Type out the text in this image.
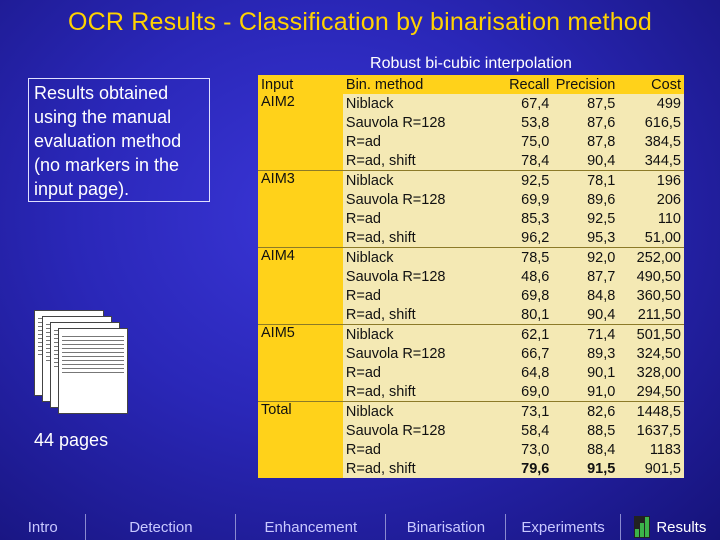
OCR Results - Classification by binarisation method
Robust bi-cubic interpolation
Results obtained using the manual evaluation method (no markers in the input page).
44 pages
Input	Bin. method	Recall	Precision	Cost
AIM2	Niblack	67,4	87,5	499
	Sauvola R=128	53,8	87,6	616,5
	R=ad	75,0	87,8	384,5
	R=ad, shift	78,4	90,4	344,5
AIM3	Niblack	92,5	78,1	196
	Sauvola R=128	69,9	89,6	206
	R=ad	85,3	92,5	110
	R=ad, shift	96,2	95,3	51,00
AIM4	Niblack	78,5	92,0	252,00
	Sauvola R=128	48,6	87,7	490,50
	R=ad	69,8	84,8	360,50
	R=ad, shift	80,1	90,4	211,50
AIM5	Niblack	62,1	71,4	501,50
	Sauvola R=128	66,7	89,3	324,50
	R=ad	64,8	90,1	328,00
	R=ad, shift	69,0	91,0	294,50
Total	Niblack	73,1	82,6	1448,5
	Sauvola R=128	58,4	88,5	1637,5
	R=ad	73,0	88,4	1183
	R=ad, shift	79,6	91,5	901,5
Intro	Detection	Enhancement	Binarisation	Experiments	Results
